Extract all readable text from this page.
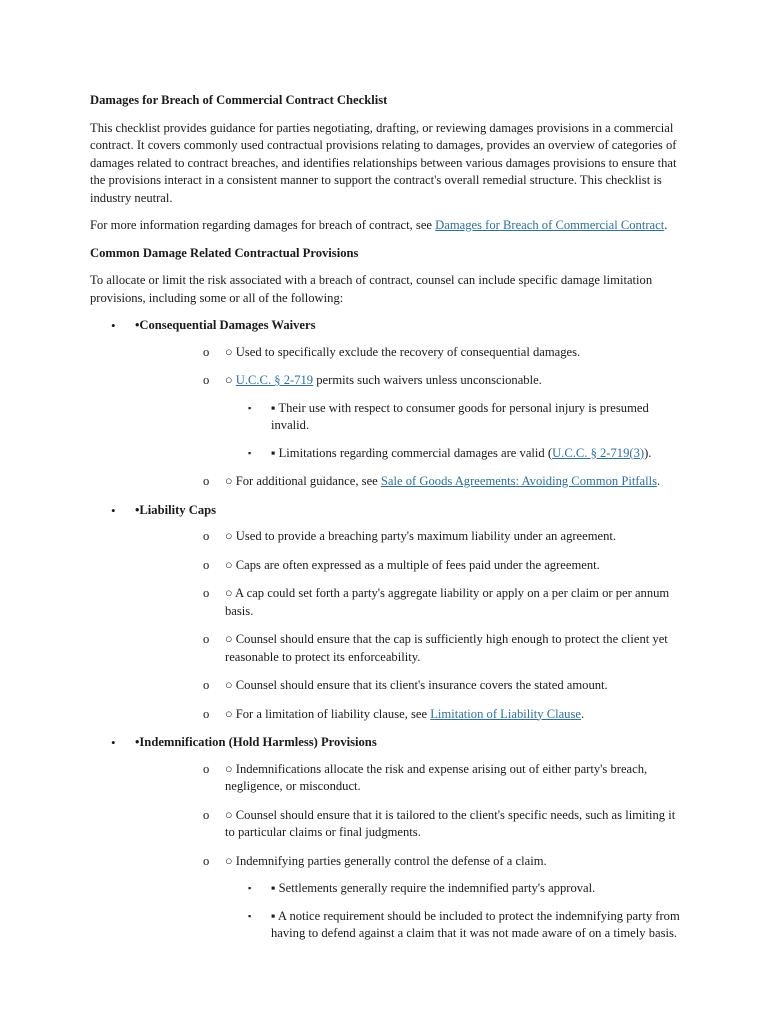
Damages for Breach of Commercial Contract Checklist

This checklist provides guidance for parties negotiating, drafting, or reviewing damages provisions in a commercial contract. It covers commonly used contractual provisions relating to damages, provides an overview of categories of damages related to contract breaches, and identifies relationships between various damages provisions to ensure that the provisions interact in a consistent manner to support the contract's overall remedial structure. This checklist is industry neutral.

For more information regarding damages for breach of contract, see Damages for Breach of Commercial Contract.

Common Damage Related Contractual Provisions

To allocate or limit the risk associated with a breach of contract, counsel can include specific damage limitation provisions, including some or all of the following:

• •Consequential Damages Waivers
o ○ Used to specifically exclude the recovery of consequential damages.
o ○ U.C.C. § 2-719 permits such waivers unless unconscionable.
▪ ▪ Their use with respect to consumer goods for personal injury is presumed invalid.
▪ ▪ Limitations regarding commercial damages are valid (U.C.C. § 2-719(3)).
o ○ For additional guidance, see Sale of Goods Agreements: Avoiding Common Pitfalls.
• •Liability Caps
o ○ Used to provide a breaching party's maximum liability under an agreement.
o ○ Caps are often expressed as a multiple of fees paid under the agreement.
o ○ A cap could set forth a party's aggregate liability or apply on a per claim or per annum basis.
o ○ Counsel should ensure that the cap is sufficiently high enough to protect the client yet reasonable to protect its enforceability.
o ○ Counsel should ensure that its client's insurance covers the stated amount.
o ○ For a limitation of liability clause, see Limitation of Liability Clause.
• •Indemnification (Hold Harmless) Provisions
o ○ Indemnifications allocate the risk and expense arising out of either party's breach, negligence, or misconduct.
o ○ Counsel should ensure that it is tailored to the client's specific needs, such as limiting it to particular claims or final judgments.
o ○ Indemnifying parties generally control the defense of a claim.
▪ ▪ Settlements generally require the indemnified party's approval.
▪ ▪ A notice requirement should be included to protect the indemnifying party from having to defend against a claim that it was not made aware of on a timely basis.
